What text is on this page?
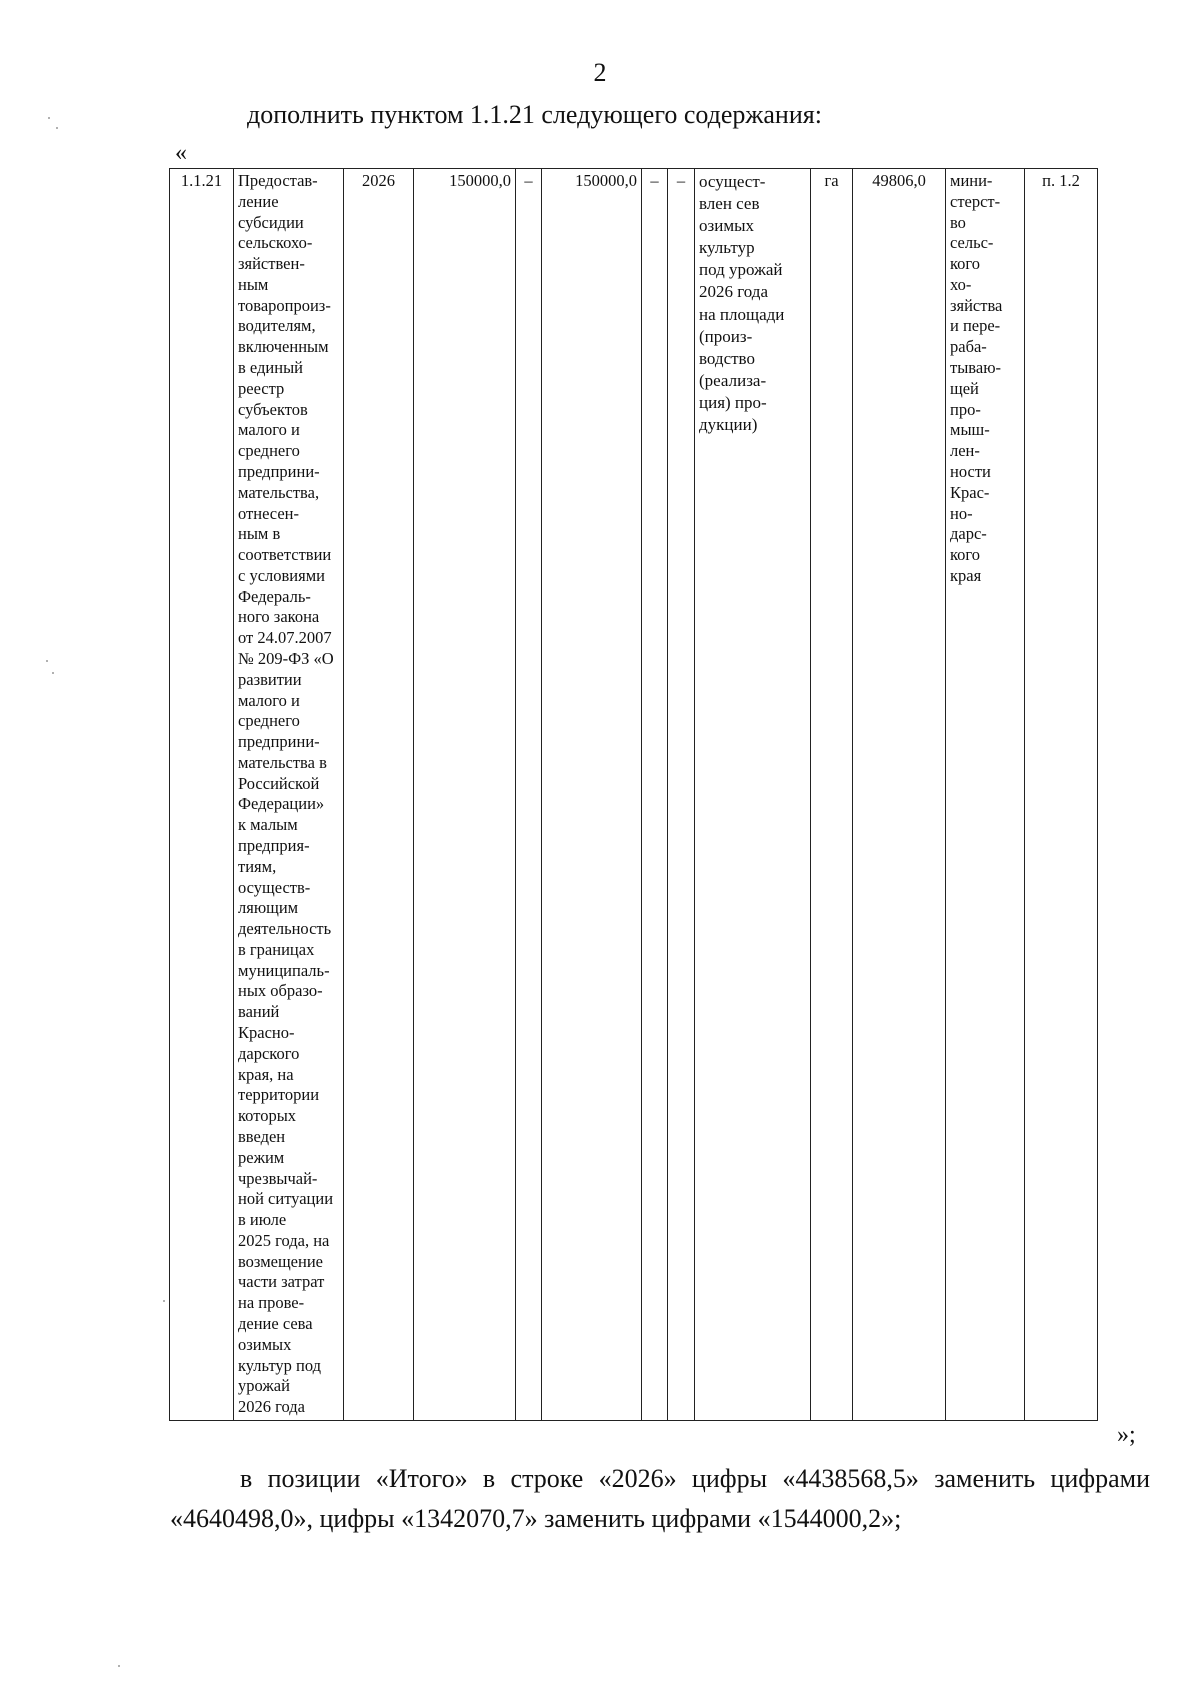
2
дополнить пунктом 1.1.21 следующего содержания:
«
1.1.21	Предостав-
ление
субсидии
сельскохо-
зяйствен-
ным
товаропроиз-
водителям,
включенным
в единый
реестр
субъектов
малого и
среднего
предприни-
мательства,
отнесен-
ным в
соответствии
с условиями
Федераль-
ного закона
от 24.07.2007
№ 209-ФЗ «О
развитии
малого и
среднего
предприни-
мательства в
Российской
Федерации»
к малым
предприя-
тиям,
осуществ-
ляющим
деятельность
в границах
муниципаль-
ных образо-
ваний
Красно-
дарского
края, на
территории
которых
введен
режим
чрезвычай-
ной ситуации
в июле
2025 года, на
возмещение
части затрат
на прове-
дение сева
озимых
культур под
урожай
2026 года	2026	150000,0	–	150000,0	–	–	осущест-
влен сев
озимых
культур
под урожай
2026 года
на площади
(произ-
водство
(реализа-
ция) про-
дукции)	га	49806,0	мини-
стерст-
во
сельс-
кого
хо-
зяйства
и пере-
раба-
тываю-
щей
про-
мыш-
лен-
ности
Крас-
но-
дарс-
кого
края	п. 1.2
»;
в позиции «Итого» в строке «2026» цифры «4438568,5» заменить цифрами «4640498,0», цифры «1342070,7» заменить цифрами «1544000,2»;
